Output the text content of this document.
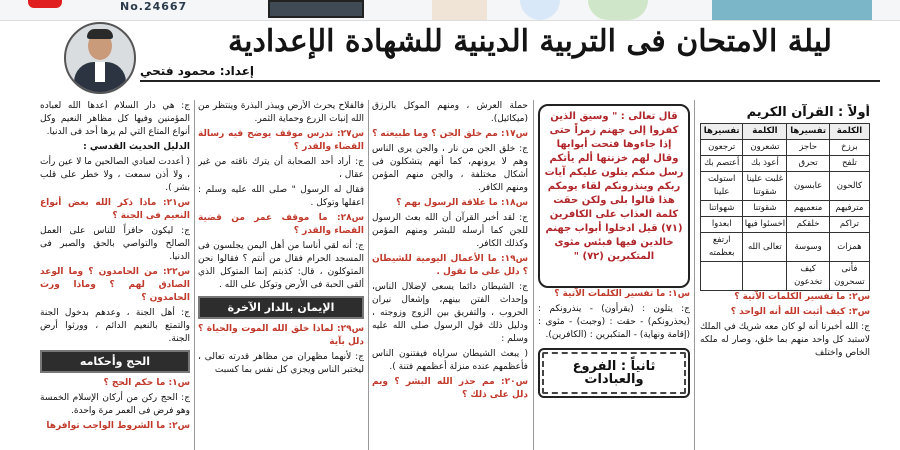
No.24667
إعداد: محمود فتحي
ليلة الامتحان فى التربية الدينية للشهادة الإعدادية
أولاً : القرآن الكريم
الكلمة	تفسيرها	الكلمة	تفسيرها
برزخ	حاجز	تشعرون	ترجعون
تلفح	تحرق	أعوذ بك	أعتصم بك
كالحون	عابسون	غلبت علينا شقوتنا	استولت علينا
مترفيهم	منعميهم	شقوتنا	شهواتنا
تراكم	خلقكم	اخسئوا فيها	ابعدوا
همزات	وسوسة	تعالى الله	ارتفع بعظمته
فأنى تسحرون	كيف تخدعون		

س٢: ما تفسير الكلمات الآتية ؟

س٣: كيف أثبت الله أنه الواحد ؟

ج: الله أخبرنا أنه لو كان معه شريك في الملك لاستبد كل واحد منهم بما خلق، وصار له ملكه الخاص واختلف

قال تعالى : " وسيق الذين كفروا إلى جهنم زمراً حتى إذا جاءوها فتحت أبوابها وقال لهم خزنتها ألم يأتكم رسل منكم يتلون عليكم آيات ربكم وينذرونكم لقاء يومكم هذا قالوا بلى ولكن حقت كلمة العذاب على الكافرين (٧١) قيل ادخلوا أبواب جهنم خالدين فيها فبئس مثوى المتكبرين (٧٢) "

س١: ما تفسير الكلمات الآتية ؟

ج: يتلون : (يقرأون) - ينذرونكم : (يحذرونكم) - حقت : (وجبت) - مثوى : (إقامة ونهاية) - المتكبرين : (الكافرين).

ثانياً : الفروع والعبادات

حملة العرش ، ومنهم الموكل بالرزق (ميكائيل).

س١٧: مم خلق الجن ؟ وما طبيعته ؟

ج: خلق الجن من نار ، والجن يرى الناس وهم لا يرونهم، كما أنهم يتشكلون فى أشكال مختلفة ، والجن منهم المؤمن ومنهم الكافر.

س١٨: ما علاقة الرسول بهم ؟

ج: لقد أخبر القرآن أن الله بعث الرسول للجن كما أرسله للبشر ومنهم المؤمن وكذلك الكافر.

س١٩: ما الأعمال اليومية للشيطان ؟ دلل على ما تقول .

ج: الشيطان دائما يسعى لإضلال الناس، وإحداث الفتن بينهم، وإشعال نيران الحروب ، والتفريق بين الزوج وزوجته ، ودليل ذلك قول الرسول صلى الله عليه وسلم :

( يبعث الشيطان سراياه فيفتنون الناس فأعظمهم عنده منزلة أعظمهم فتنة ).

س٢٠: مم حذر الله البشر ؟ وبم دلل على ذلك ؟

فالفلاح يحرث الأرض ويبذر البذرة وينتظر من الله إنبات الزرع وحماية الثمر.

س٢٧: تدرس موقف يوضح فيه رسالة القضاء والقدر ؟

ج: أراد أحد الصحابة أن يترك ناقته من غير عقال ،

فقال له الرسول " صلى الله عليه وسلم : اعقلها وتوكل .

س٢٨: ما موقف عمر من قضية القضاء والقدر ؟

ج: أنه لقي أناسا من أهل اليمن يجلسون فى المسجد الحرام فقال من أنتم ؟ فقالوا نحن المتوكلون ، قال: كذبتم إنما المتوكل الذي ألقى الحبة فى الأرض وتوكل على الله .

الإيمان بالدار الآخرة

س٢٩: لماذا خلق الله الموت والحياة ؟ دلل بآية

ج: لأنهما مظهران من مظاهر قدرته تعالى ، ليختبر الناس ويجزي كل نفس بما كسبت

ج: هي دار السلام أعدها الله لعباده المؤمنين وفيها كل مظاهر النعيم وكل أنواع المتاع التي لم يرها أحد فى الدنيا.

الدليل الحديث القدسي :

( أعددت لعبادي الصالحين ما لا عين رأت ، ولا أذن سمعت ، ولا خطر على قلب بشر ).

س٢١: ماذا ذكر الله بعض أنواع النعيم فى الجنة ؟

ج: ليكون حافزاً للناس على العمل الصالح والتواصي بالحق والصبر فى الدنيا.

س٢٢: من الحامدون ؟ وما الوعد الصادق لهم ؟ وماذا ورث الحامدون ؟

ج: أهل الجنة ، وعدهم بدخول الجنة والتمتع بالنعيم الدائم ، وورثوا أرض الجنة.

الحج وأحكامه

س١: ما حكم الحج ؟

ج: الحج ركن من أركان الإسلام الخمسة وهو فرض فى العمر مرة واحدة.

س٢: ما الشروط الواجب توافرها
